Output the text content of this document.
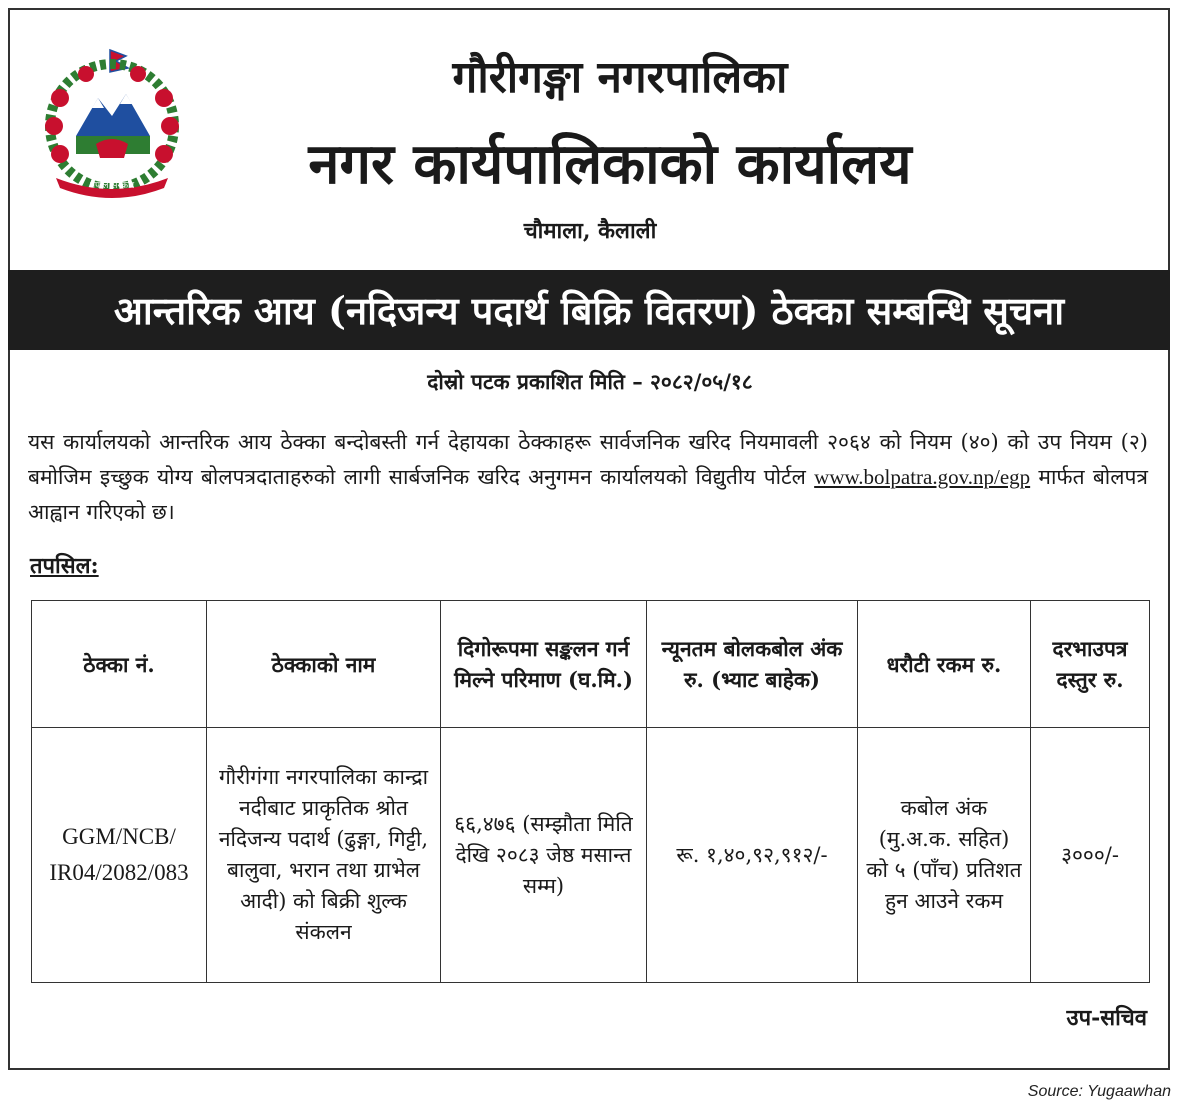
नेपाल सरकार
गौरीगङ्गा नगरपालिका
नगर कार्यपालिकाको कार्यालय
चौमाला, कैलाली
आन्तरिक आय (नदिजन्य पदार्थ बिक्रि वितरण) ठेक्का सम्बन्धि सूचना
दोस्रो पटक प्रकाशित मिति – २०८२/०५/१८
यस कार्यालयको आन्तरिक आय ठेक्का बन्दोबस्ती गर्न देहायका ठेक्काहरू सार्वजनिक खरिद नियमावली २०६४ को नियम (४०) को उप नियम (२) बमोजिम इच्छुक योग्य बोलपत्रदाताहरुको लागी सार्बजनिक खरिद अनुगमन कार्यालयको विद्युतीय पोर्टल www.bolpatra.gov.np/egp मार्फत बोलपत्र आह्वान गरिएको छ।
तपसिल:
ठेक्का नं.	ठेक्काको नाम	दिगोरूपमा सङ्कलन गर्न मिल्ने परिमाण (घ.मि.)	न्यूनतम बोलकबोल अंक रु. (भ्याट बाहेक)	धरौटी रकम रु.	दरभाउपत्र दस्तुर रु.
GGM/NCB/ IR04/2082/083	गौरीगंगा नगरपालिका कान्द्रा नदीबाट प्राकृतिक श्रोत नदिजन्य पदार्थ (ढुङ्गा, गिट्टी, बालुवा, भरान तथा ग्राभेल आदी) को बिक्री शुल्क संकलन	६६,४७६ (सम्झौता मिति देखि २०८३ जेष्ठ मसान्त सम्म)	रू. १,४०,९२,९१२/-	कबोल अंक (मु.अ.क. सहित) को ५ (पाँच) प्रतिशत हुन आउने रकम	३०००/-
उप-सचिव
Source: Yugaawhan
